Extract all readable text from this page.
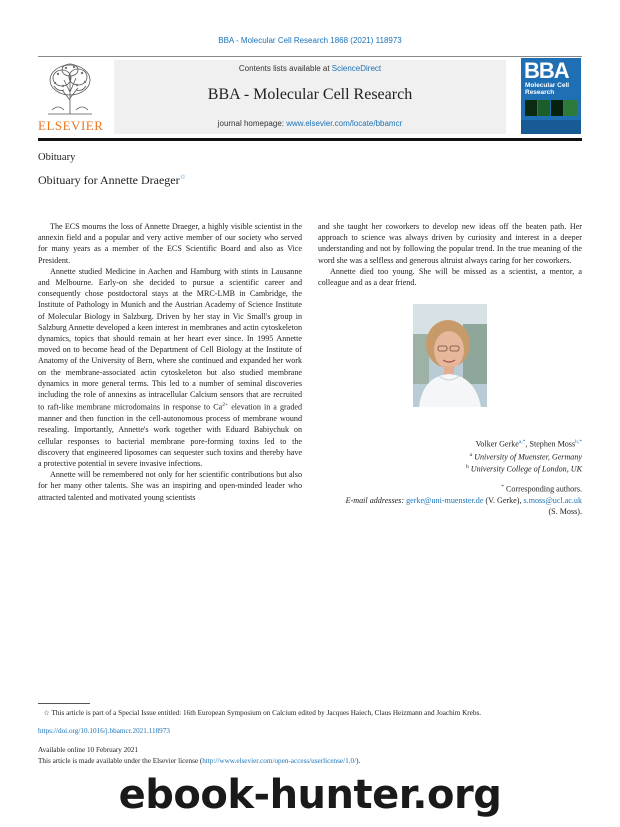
BBA - Molecular Cell Research 1868 (2021) 118973
ELSEVIER
Contents lists available at ScienceDirect
BBA - Molecular Cell Research
journal homepage: www.elsevier.com/locate/bbamcr
BBA
Molecular Cell Research
Obituary
Obituary for Annette Draeger☆

The ECS mourns the loss of Annette Draeger, a highly visible scientist in the annexin field and a popular and very active member of our society who served for many years as a member of the ECS Scientific Board and also as Vice President.

Annette studied Medicine in Aachen and Hamburg with stints in Lausanne and Melbourne. Early-on she decided to pursue a scientific career and consequently chose postdoctoral stays at the MRC-LMB in Cambridge, the Institute of Pathology in Munich and the Austrian Academy of Science Institute of Molecular Biology in Salzburg. Driven by her stay in Vic Small's group in Salzburg Annette developed a keen interest in membranes and actin cytoskeleton dynamics, topics that should remain at her heart ever since. In 1995 Annette moved on to become head of the Department of Cell Biology at the Institute of Anatomy of the University of Bern, where she continued and expanded her work on the membrane-associated actin cytoskeleton but also studied membrane dynamics in more general terms. This led to a number of seminal discoveries including the role of annexins as intracellular Calcium sensors that are recruited to raft-like membrane microdomains in response to $Ca^{2+}$ elevation in a graded manner and then function in the cell-autonomous process of membrane wound resealing. Importantly, Annette's work together with Eduard Babiychuk on cellular responses to bacterial membrane pore-forming toxins led to the discovery that engineered liposomes can sequester such toxins and thereby have a protective potential in severe invasive infections.

Annette will be remembered not only for her scientific contributions but also for her many other talents. She was an inspiring and open-minded leader who attracted talented and motivated young scientists

and she taught her coworkers to develop new ideas off the beaten path. Her approach to science was always driven by curiosity and interest in a deeper understanding and not by following the popular trend. In the true meaning of the word she was a selfless and generous altruist always caring for her coworkers.

Annette died too young. She will be missed as a scientist, a mentor, a colleague and as a dear friend.

Volker Gerke$^{a,*}$, Stephen Moss$^{b,*}$
$^a$ University of Muenster, Germany
$^b$ University College of London, UK
* Corresponding authors.
E-mail addresses: gerke@uni-muenster.de (V. Gerke), s.moss@ucl.ac.uk
(S. Moss).
☆ This article is part of a Special Issue entitled: 16th European Symposium on Calcium edited by Jacques Haiech, Claus Heizmann and Joachim Krebs.
https://doi.org/10.1016/j.bbamcr.2021.118973
Available online 10 February 2021
This article is made available under the Elsevier license (http://www.elsevier.com/open-access/userlicense/1.0/).
ebook-hunter.org
